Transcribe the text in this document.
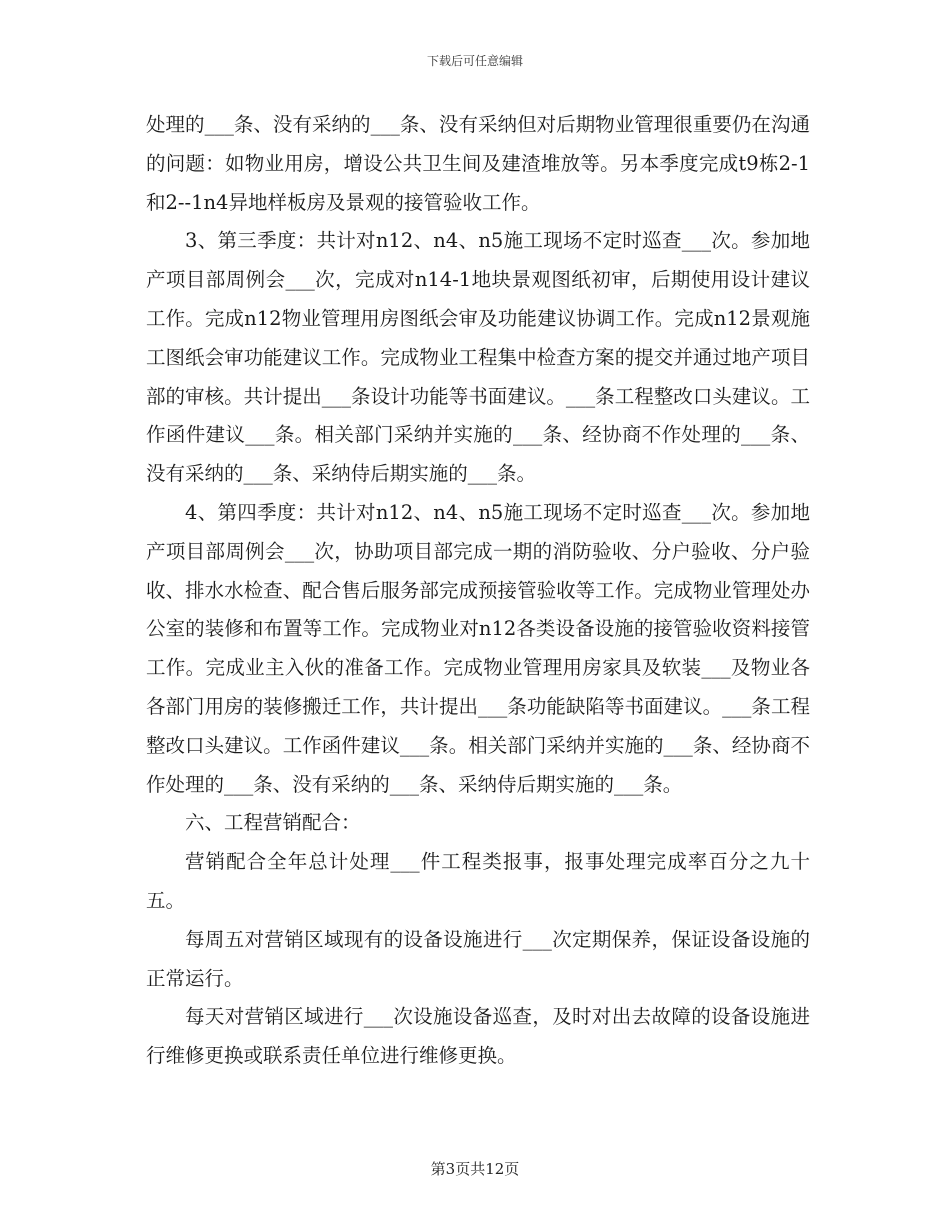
下载后可任意编辑

处理的___条、没有采纳的___条、没有采纳但对后期物业管理很重要仍在沟通的问题：如物业用房，增设公共卫生间及建渣堆放等。另本季度完成t9栋2-1和2--1n4异地样板房及景观的接管验收工作。

3、第三季度：共计对n12、n4、n5施工现场不定时巡查___次。参加地产项目部周例会___次，完成对n14-1地块景观图纸初审，后期使用设计建议工作。完成n12物业管理用房图纸会审及功能建议协调工作。完成n12景观施工图纸会审功能建议工作。完成物业工程集中检查方案的提交并通过地产项目部的审核。共计提出___条设计功能等书面建议。___条工程整改口头建议。工作函件建议___条。相关部门采纳并实施的___条、经协商不作处理的___条、没有采纳的___条、采纳侍后期实施的___条。

4、第四季度：共计对n12、n4、n5施工现场不定时巡查___次。参加地产项目部周例会___次，协助项目部完成一期的消防验收、分户验收、分户验收、排水水检查、配合售后服务部完成预接管验收等工作。完成物业管理处办公室的装修和布置等工作。完成物业对n12各类设备设施的接管验收资料接管工作。完成业主入伙的准备工作。完成物业管理用房家具及软装___及物业各各部门用房的装修搬迁工作，共计提出___条功能缺陷等书面建议。___条工程整改口头建议。工作函件建议___条。相关部门采纳并实施的___条、经协商不作处理的___条、没有采纳的___条、采纳侍后期实施的___条。

六、工程营销配合：

营销配合全年总计处理___件工程类报事，报事处理完成率百分之九十五。

每周五对营销区域现有的设备设施进行___次定期保养，保证设备设施的正常运行。

每天对营销区域进行___次设施设备巡查，及时对出去故障的设备设施进行维修更换或联系责任单位进行维修更换。

第3页共12页
